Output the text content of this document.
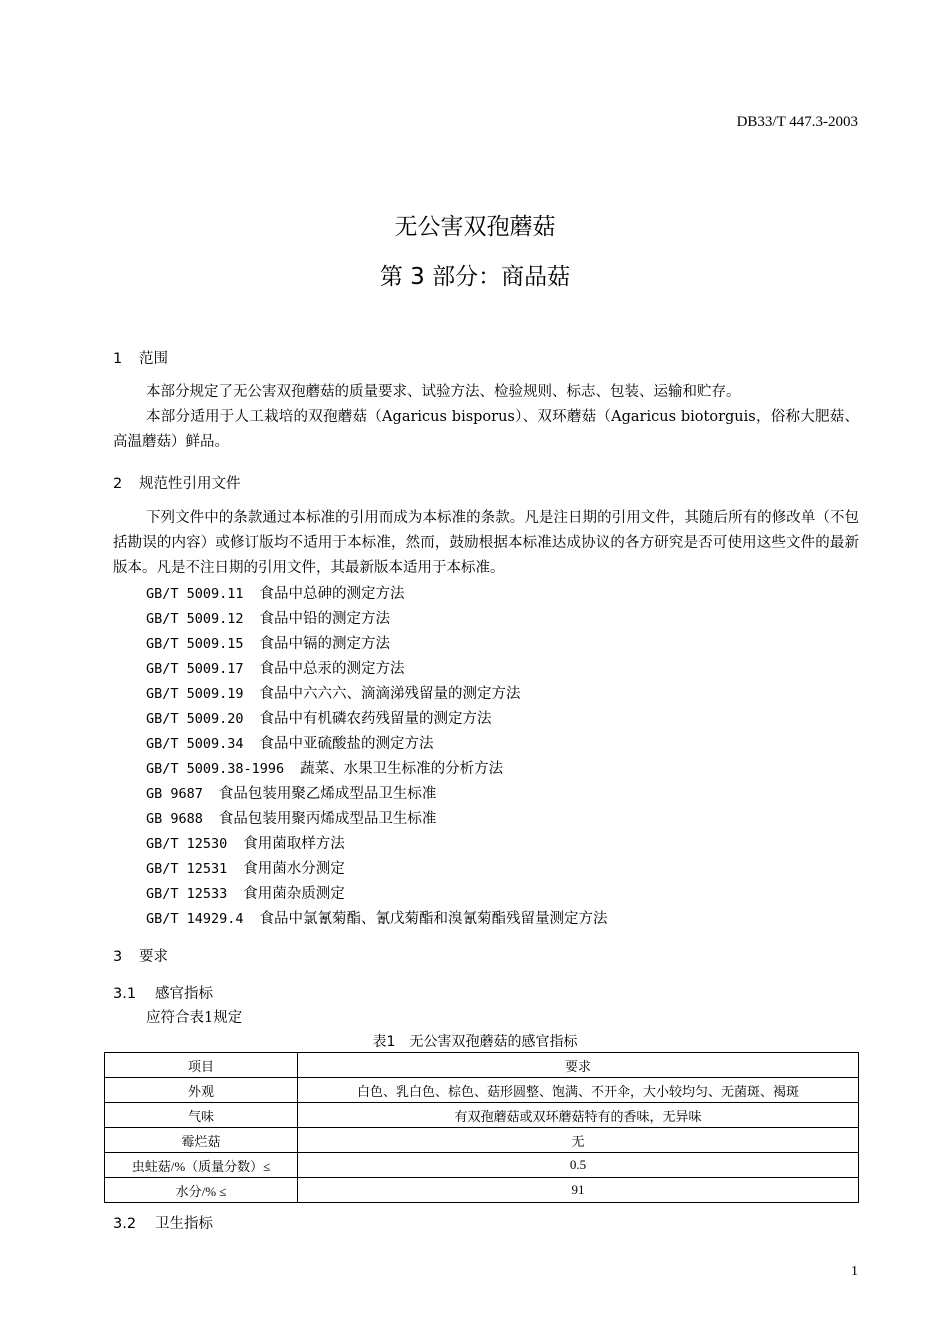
DB33/T 447.3-2003
无公害双孢蘑菇
第 3 部分：商品菇
1 范围

本部分规定了无公害双孢蘑菇的质量要求、试验方法、检验规则、标志、包装、运输和贮存。

本部分适用于人工栽培的双孢蘑菇（Agaricus bisporus）、双环蘑菇（Agaricus biotorguis，俗称大肥菇、高温蘑菇）鲜品。

2 规范性引用文件

下列文件中的条款通过本标准的引用而成为本标准的条款。凡是注日期的引用文件，其随后所有的修改单（不包括勘误的内容）或修订版均不适用于本标准，然而，鼓励根据本标准达成协议的各方研究是否可使用这些文件的最新版本。凡是不注日期的引用文件，其最新版本适用于本标准。

GB/T 5009.11 食品中总砷的测定方法
GB/T 5009.12 食品中铅的测定方法
GB/T 5009.15 食品中镉的测定方法
GB/T 5009.17 食品中总汞的测定方法
GB/T 5009.19 食品中六六六、滴滴涕残留量的测定方法
GB/T 5009.20 食品中有机磷农药残留量的测定方法
GB/T 5009.34 食品中亚硫酸盐的测定方法
GB/T 5009.38-1996 蔬菜、水果卫生标准的分析方法
GB 9687 食品包装用聚乙烯成型品卫生标准
GB 9688 食品包装用聚丙烯成型品卫生标准
GB/T 12530 食用菌取样方法
GB/T 12531 食用菌水分测定
GB/T 12533 食用菌杂质测定
GB/T 14929.4 食品中氯氰菊酯、氰戊菊酯和溴氰菊酯残留量测定方法
3 要求
3.1 感官指标
应符合表1规定
表1　无公害双孢蘑菇的感官指标
项目	要求
外观	白色、乳白色、棕色、菇形圆整、饱满、不开伞，大小较均匀、无菌斑、褐斑
气味	有双孢蘑菇或双环蘑菇特有的香味，无异味
霉烂菇	无
虫蛀菇/%（质量分数）≤	0.5
水分/% ≤	91
3.2 卫生指标
1
